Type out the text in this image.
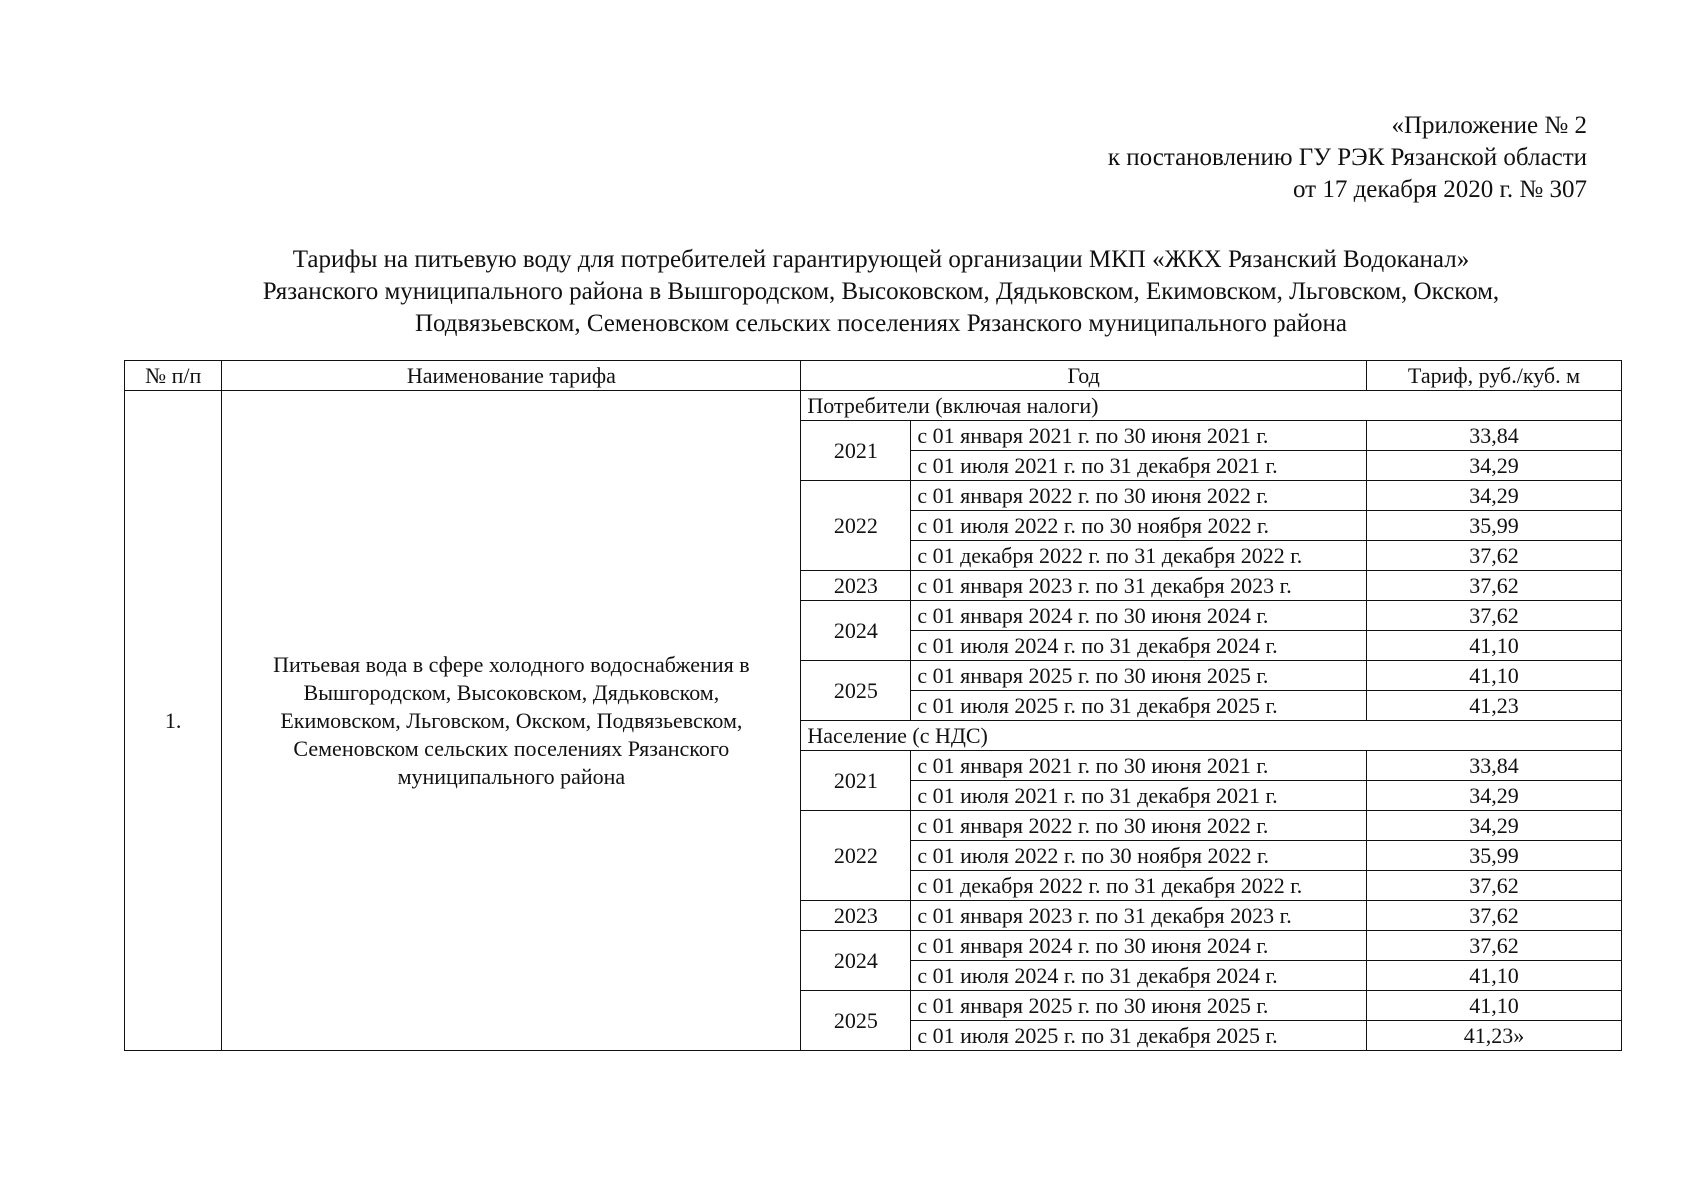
«Приложение № 2
к постановлению ГУ РЭК Рязанской области
от 17 декабря 2020 г. № 307
Тарифы на питьевую воду для потребителей гарантирующей организации МКП «ЖКХ Рязанский Водоканал»
Рязанского муниципального района в Вышгородском, Высоковском, Дядьковском, Екимовском, Льговском, Окском,
Подвязьевском, Семеновском сельских поселениях Рязанского муниципального района
№ п/п	Наименование тарифа	Год		Тариф, руб./куб. м
1.	Питьевая вода в сфере холодного водоснабжения в Вышгородском, Высоковском, Дядьковском, Екимовском, Льговском, Окском, Подвязьевском, Семеновском сельских поселениях Рязанского муниципального района	Потребители (включая налоги)		
		2021	с 01 января 2021 г. по 30 июня 2021 г.	33,84
			с 01 июля 2021 г. по 31 декабря 2021 г.	34,29
		2022	с 01 января 2022 г. по 30 июня 2022 г.	34,29
			с 01 июля 2022 г. по 30 ноября 2022 г.	35,99
			с 01 декабря 2022 г. по 31 декабря 2022 г.	37,62
		2023	с 01 января 2023 г. по 31 декабря 2023 г.	37,62
		2024	с 01 января 2024 г. по 30 июня 2024 г.	37,62
			с 01 июля 2024 г. по 31 декабря 2024 г.	41,10
		2025	с 01 января 2025 г. по 30 июня 2025 г.	41,10
			с 01 июля 2025 г. по 31 декабря 2025 г.	41,23
		Население (с НДС)		
		2021	с 01 января 2021 г. по 30 июня 2021 г.	33,84
			с 01 июля 2021 г. по 31 декабря 2021 г.	34,29
		2022	с 01 января 2022 г. по 30 июня 2022 г.	34,29
			с 01 июля 2022 г. по 30 ноября 2022 г.	35,99
			с 01 декабря 2022 г. по 31 декабря 2022 г.	37,62
		2023	с 01 января 2023 г. по 31 декабря 2023 г.	37,62
		2024	с 01 января 2024 г. по 30 июня 2024 г.	37,62
			с 01 июля 2024 г. по 31 декабря 2024 г.	41,10
		2025	с 01 января 2025 г. по 30 июня 2025 г.	41,10
			с 01 июля 2025 г. по 31 декабря 2025 г.	41,23»
